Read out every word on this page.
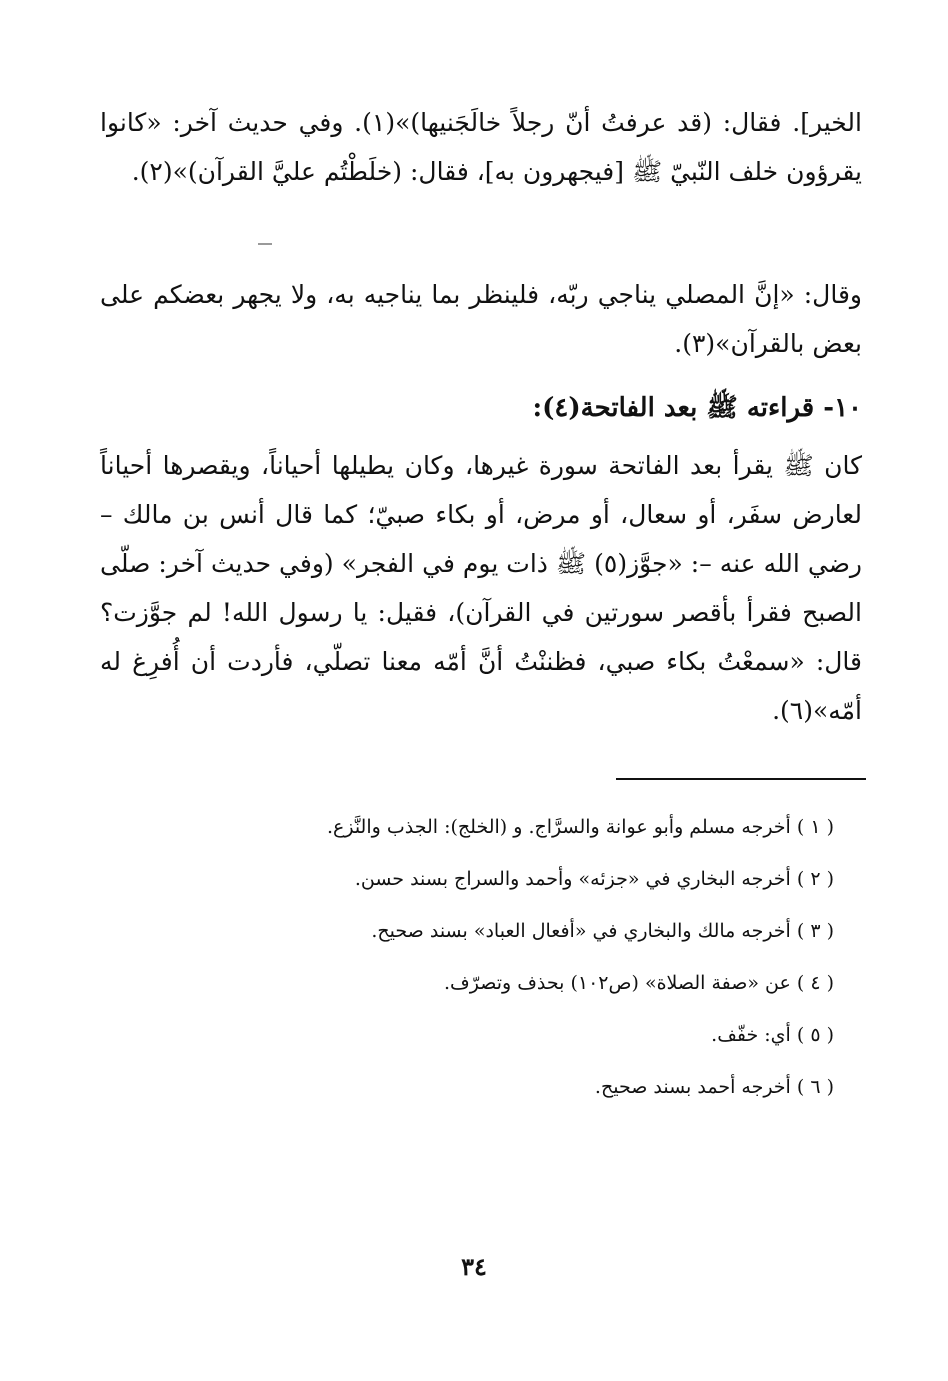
الخير]. فقال: (قد عرفتُ أنّ رجلاً خالَجَنيها)»(١). وفي حديث آخر: «كانوا يقرؤون خلف النّبيّ ﷺ [فيجهرون به]، فقال: (خلَطْتُم عليَّ القرآن)»(٢).

وقال: «إنَّ المصلي يناجي ربّه، فلينظر بما يناجيه به، ولا يجهر بعضكم على بعض بالقرآن»(٣).

١٠- قراءته ﷺ بعد الفاتحة(٤):

كان ﷺ يقرأ بعد الفاتحة سورة غيرها، وكان يطيلها أحياناً، ويقصرها أحياناً لعارض سفَر، أو سعال، أو مرض، أو بكاء صبيّ؛ كما قال أنس بن مالك – رضي الله عنه –: «جوَّز(٥) ﷺ ذات يوم في الفجر» (وفي حديث آخر: صلّى الصبح فقرأ بأقصر سورتين في القرآن)، فقيل: يا رسول الله! لم جوَّزت؟ قال: «سمعْتُ بكاء صبي، فظننْتُ أنَّ أمّه معنا تصلّي، فأردت أن أُفرِغ له أمّه»(٦).

( ١ ) أخرجه مسلم وأبو عوانة والسرَّاج. و (الخلج): الجذب والنَّزع.
( ٢ ) أخرجه البخاري في «جزئه» وأحمد والسراج بسند حسن.
( ٣ ) أخرجه مالك والبخاري في «أفعال العباد» بسند صحيح.
( ٤ ) عن «صفة الصلاة» (ص١٠٢) بحذف وتصرّف.
( ٥ ) أي: خفّف.
( ٦ ) أخرجه أحمد بسند صحيح.
٣٤
